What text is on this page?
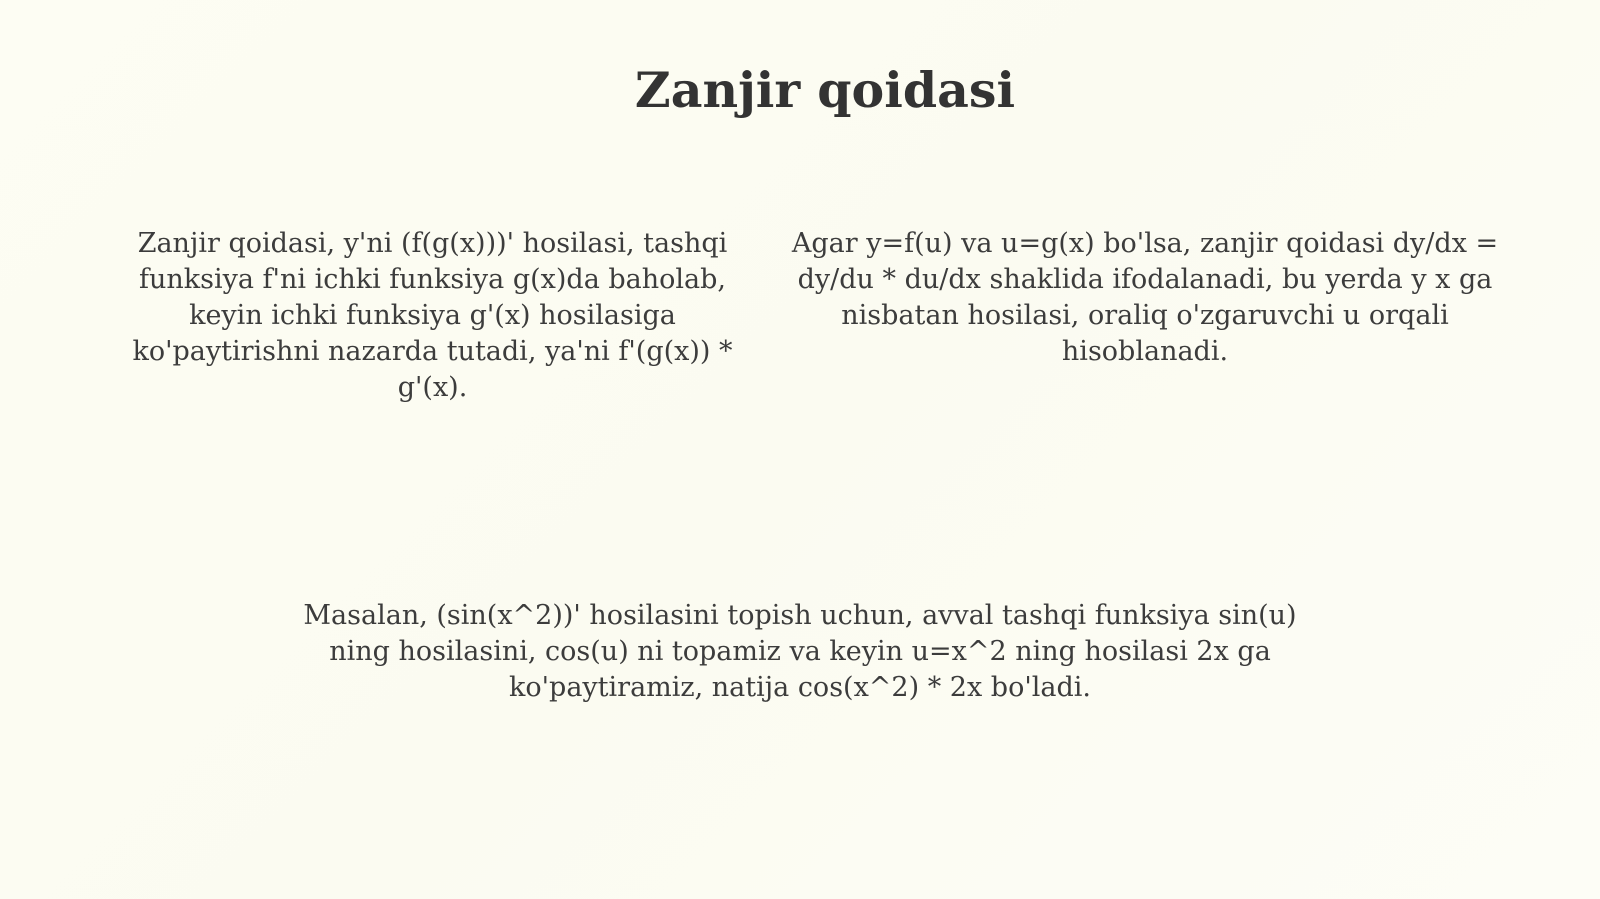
Zanjir qoidasi

Zanjir qoidasi, y'ni (f(g(x)))' hosilasi, tashqi funksiya f'ni ichki funksiya g(x)da baholab, keyin ichki funksiya g'(x) hosilasiga ko'paytirishni nazarda tutadi, ya'ni f'(g(x)) * g'(x).

Agar y=f(u) va u=g(x) bo'lsa, zanjir qoidasi dy/dx = dy/du * du/dx shaklida ifodalanadi, bu yerda y x ga nisbatan hosilasi, oraliq o'zgaruvchi u orqali hisoblanadi.

Masalan, (sin(x^2))' hosilasini topish uchun, avval tashqi funksiya sin(u) ning hosilasini, cos(u) ni topamiz va keyin u=x^2 ning hosilasi 2x ga ko'paytiramiz, natija cos(x^2) * 2x bo'ladi.
